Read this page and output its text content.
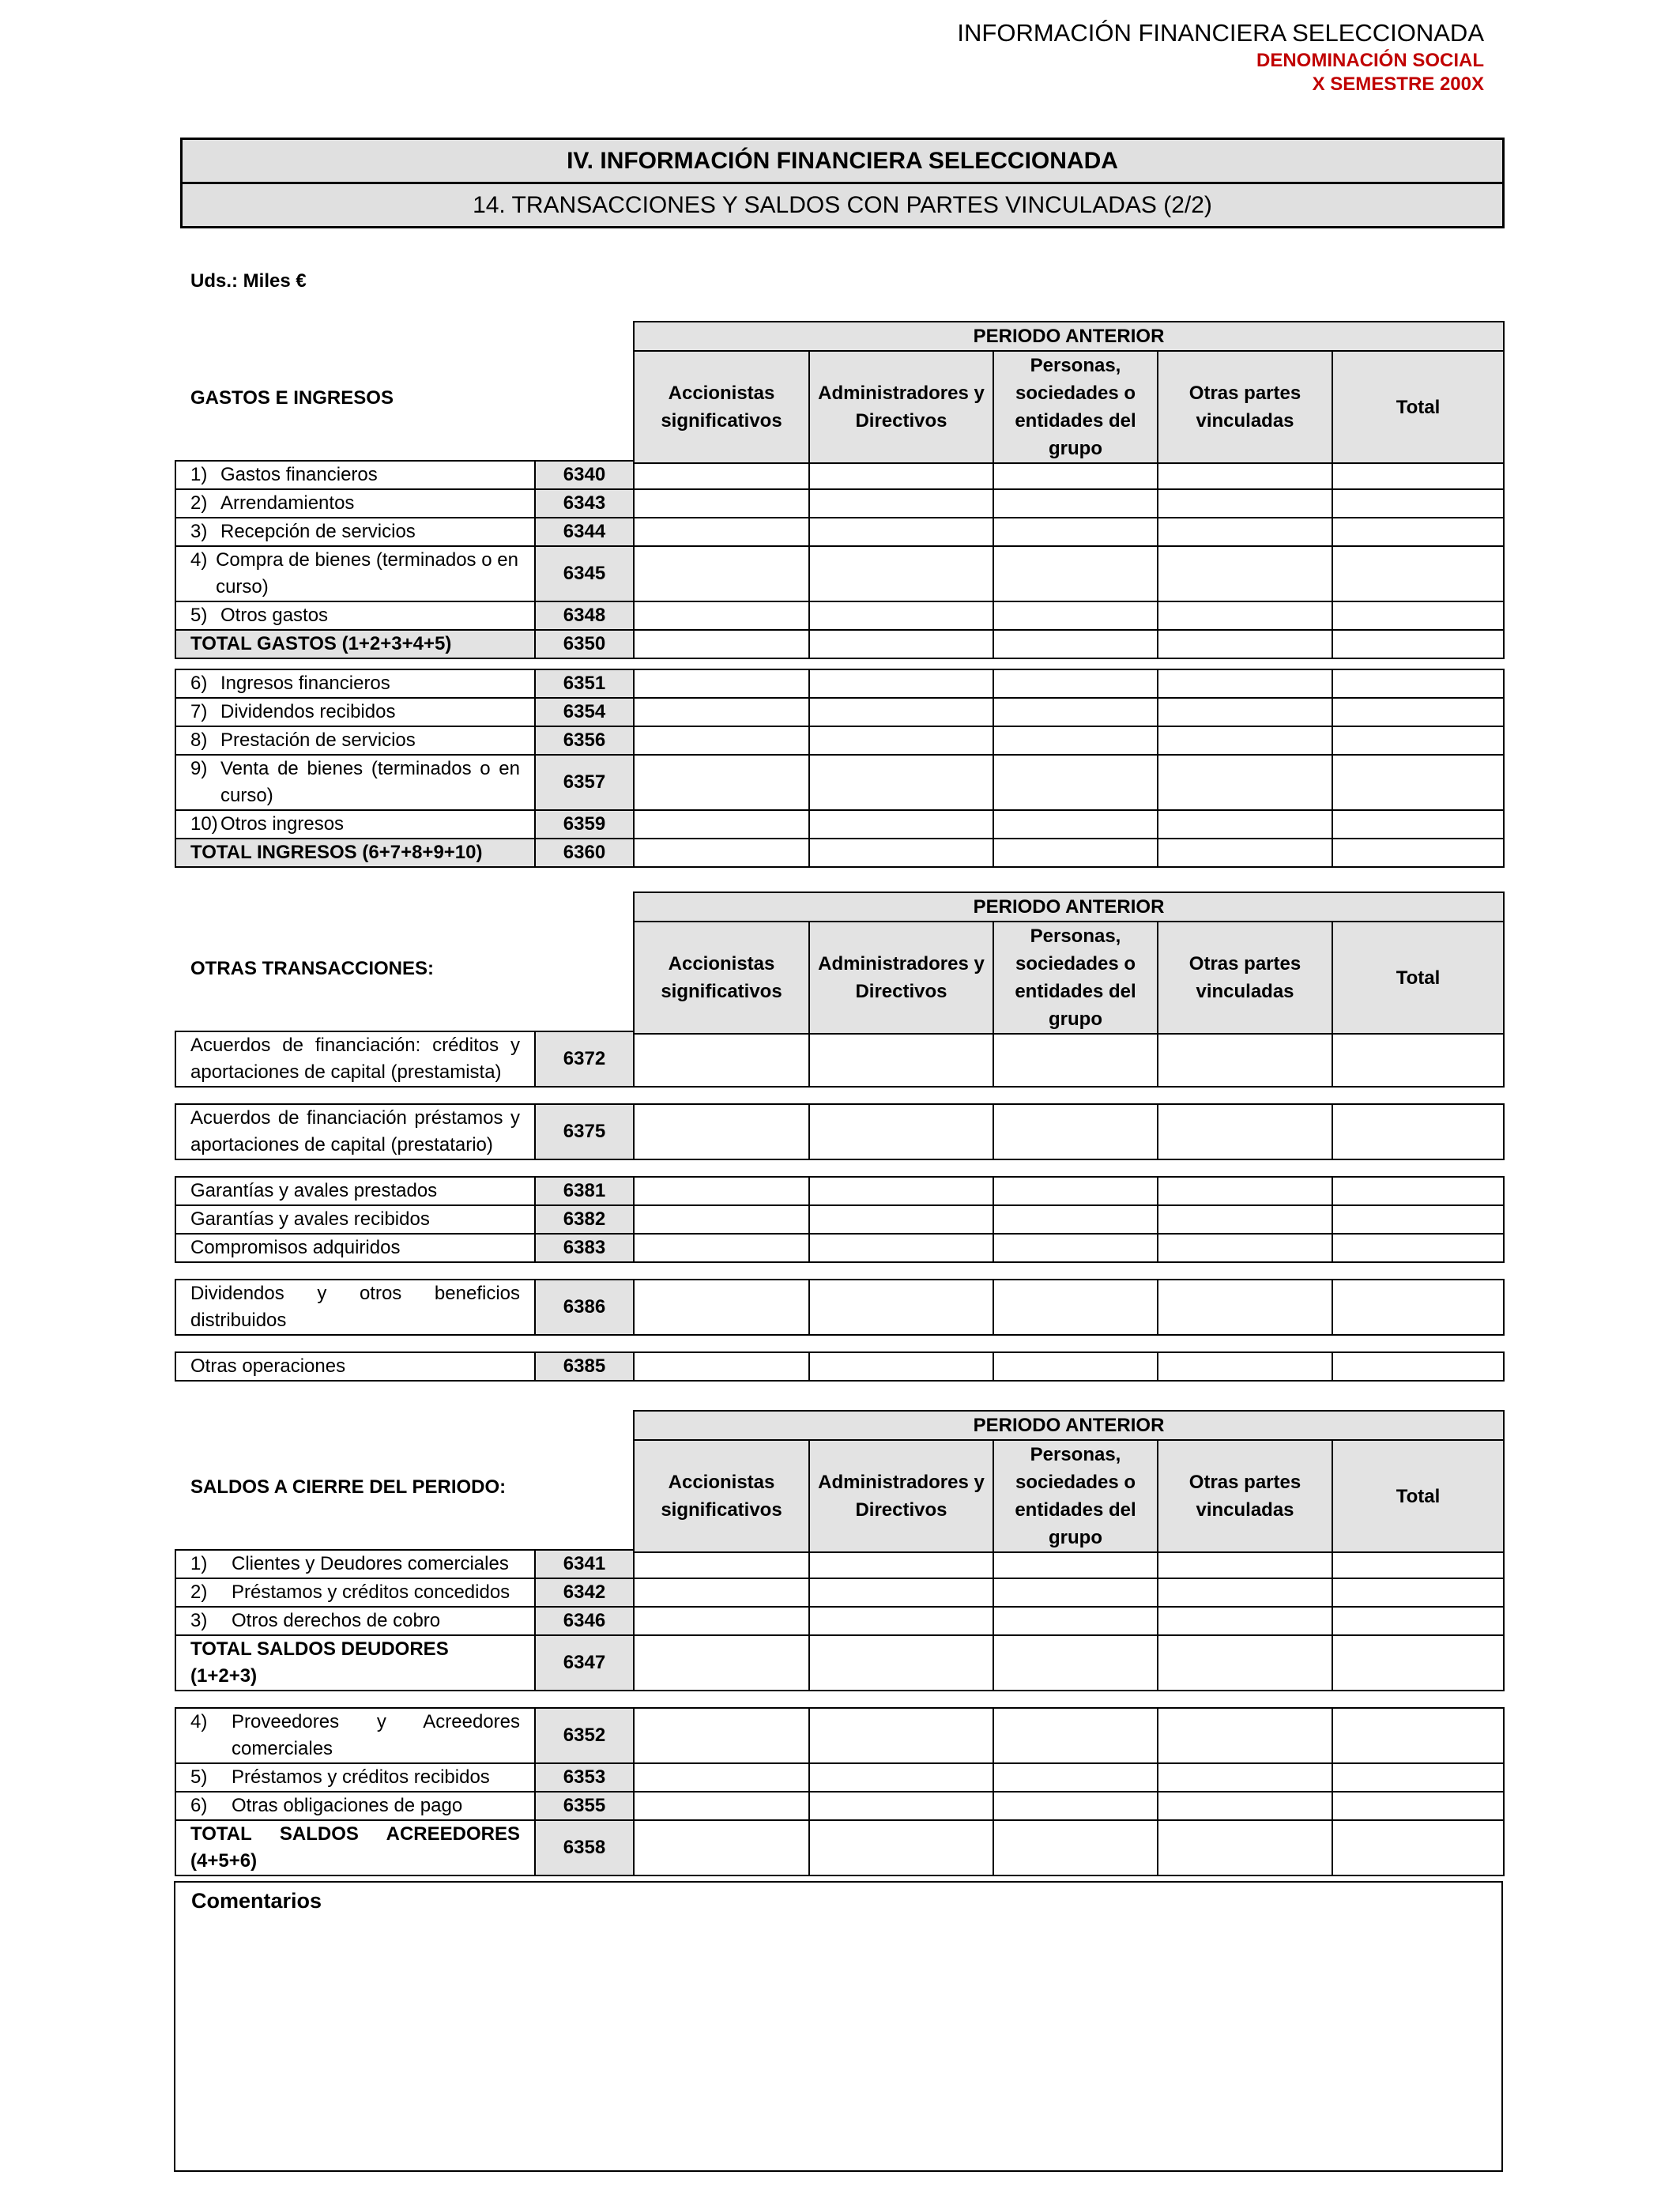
INFORMACIÓN FINANCIERA SELECCIONADA
DENOMINACIÓN SOCIAL
X SEMESTRE 200X
IV. INFORMACIÓN FINANCIERA SELECCIONADA
14. TRANSACCIONES Y SALDOS CON PARTES VINCULADAS (2/2)
Uds.: Miles €
GASTOS E INGRESOS
PERIODO ANTERIOR
Accionistas significativos	Administradores y Directivos	Personas, sociedades o entidades del grupo	Otras partes vinculadas	Total
1) Gastos financieros	6340					
2) Arrendamientos	6343					
3) Recepción de servicios	6344					

4) Compra de bienes (terminados o en curso)	6345					
5) Otros gastos	6348					
TOTAL GASTOS (1+2+3+4+5)	6350					
6) Ingresos financieros	6351					
7) Dividendos recibidos	6354					
8) Prestación de servicios	6356					

9) Venta de bienes (terminados o en curso)	6357					
10) Otros ingresos	6359					
TOTAL INGRESOS (6+7+8+9+10)	6360					
OTRAS TRANSACCIONES:
PERIODO ANTERIOR
Accionistas significativos	Administradores y Directivos	Personas, sociedades o entidades del grupo	Otras partes vinculadas	Total
Acuerdos de financiación: créditos y aportaciones de capital (prestamista)	6372					
Acuerdos de financiación préstamos y aportaciones de capital (prestatario)	6375					
Garantías y avales prestados	6381					
Garantías y avales recibidos	6382					
Compromisos adquiridos	6383					
Dividendos y otros beneficios distribuidos	6386					
Otras operaciones	6385					
SALDOS A CIERRE DEL PERIODO:
PERIODO ANTERIOR
Accionistas significativos	Administradores y Directivos	Personas, sociedades o entidades del grupo	Otras partes vinculadas	Total
1) Clientes y Deudores comerciales	6341					
2) Préstamos y créditos concedidos	6342					
3) Otros derechos de cobro	6346					
TOTAL SALDOS DEUDORES (1+2+3)	6347					
4) Proveedores y Acreedores comerciales	6352					
5) Préstamos y créditos recibidos	6353					
6) Otras obligaciones de pago	6355					
TOTAL SALDOS ACREEDORES (4+5+6)	6358					
Comentarios
